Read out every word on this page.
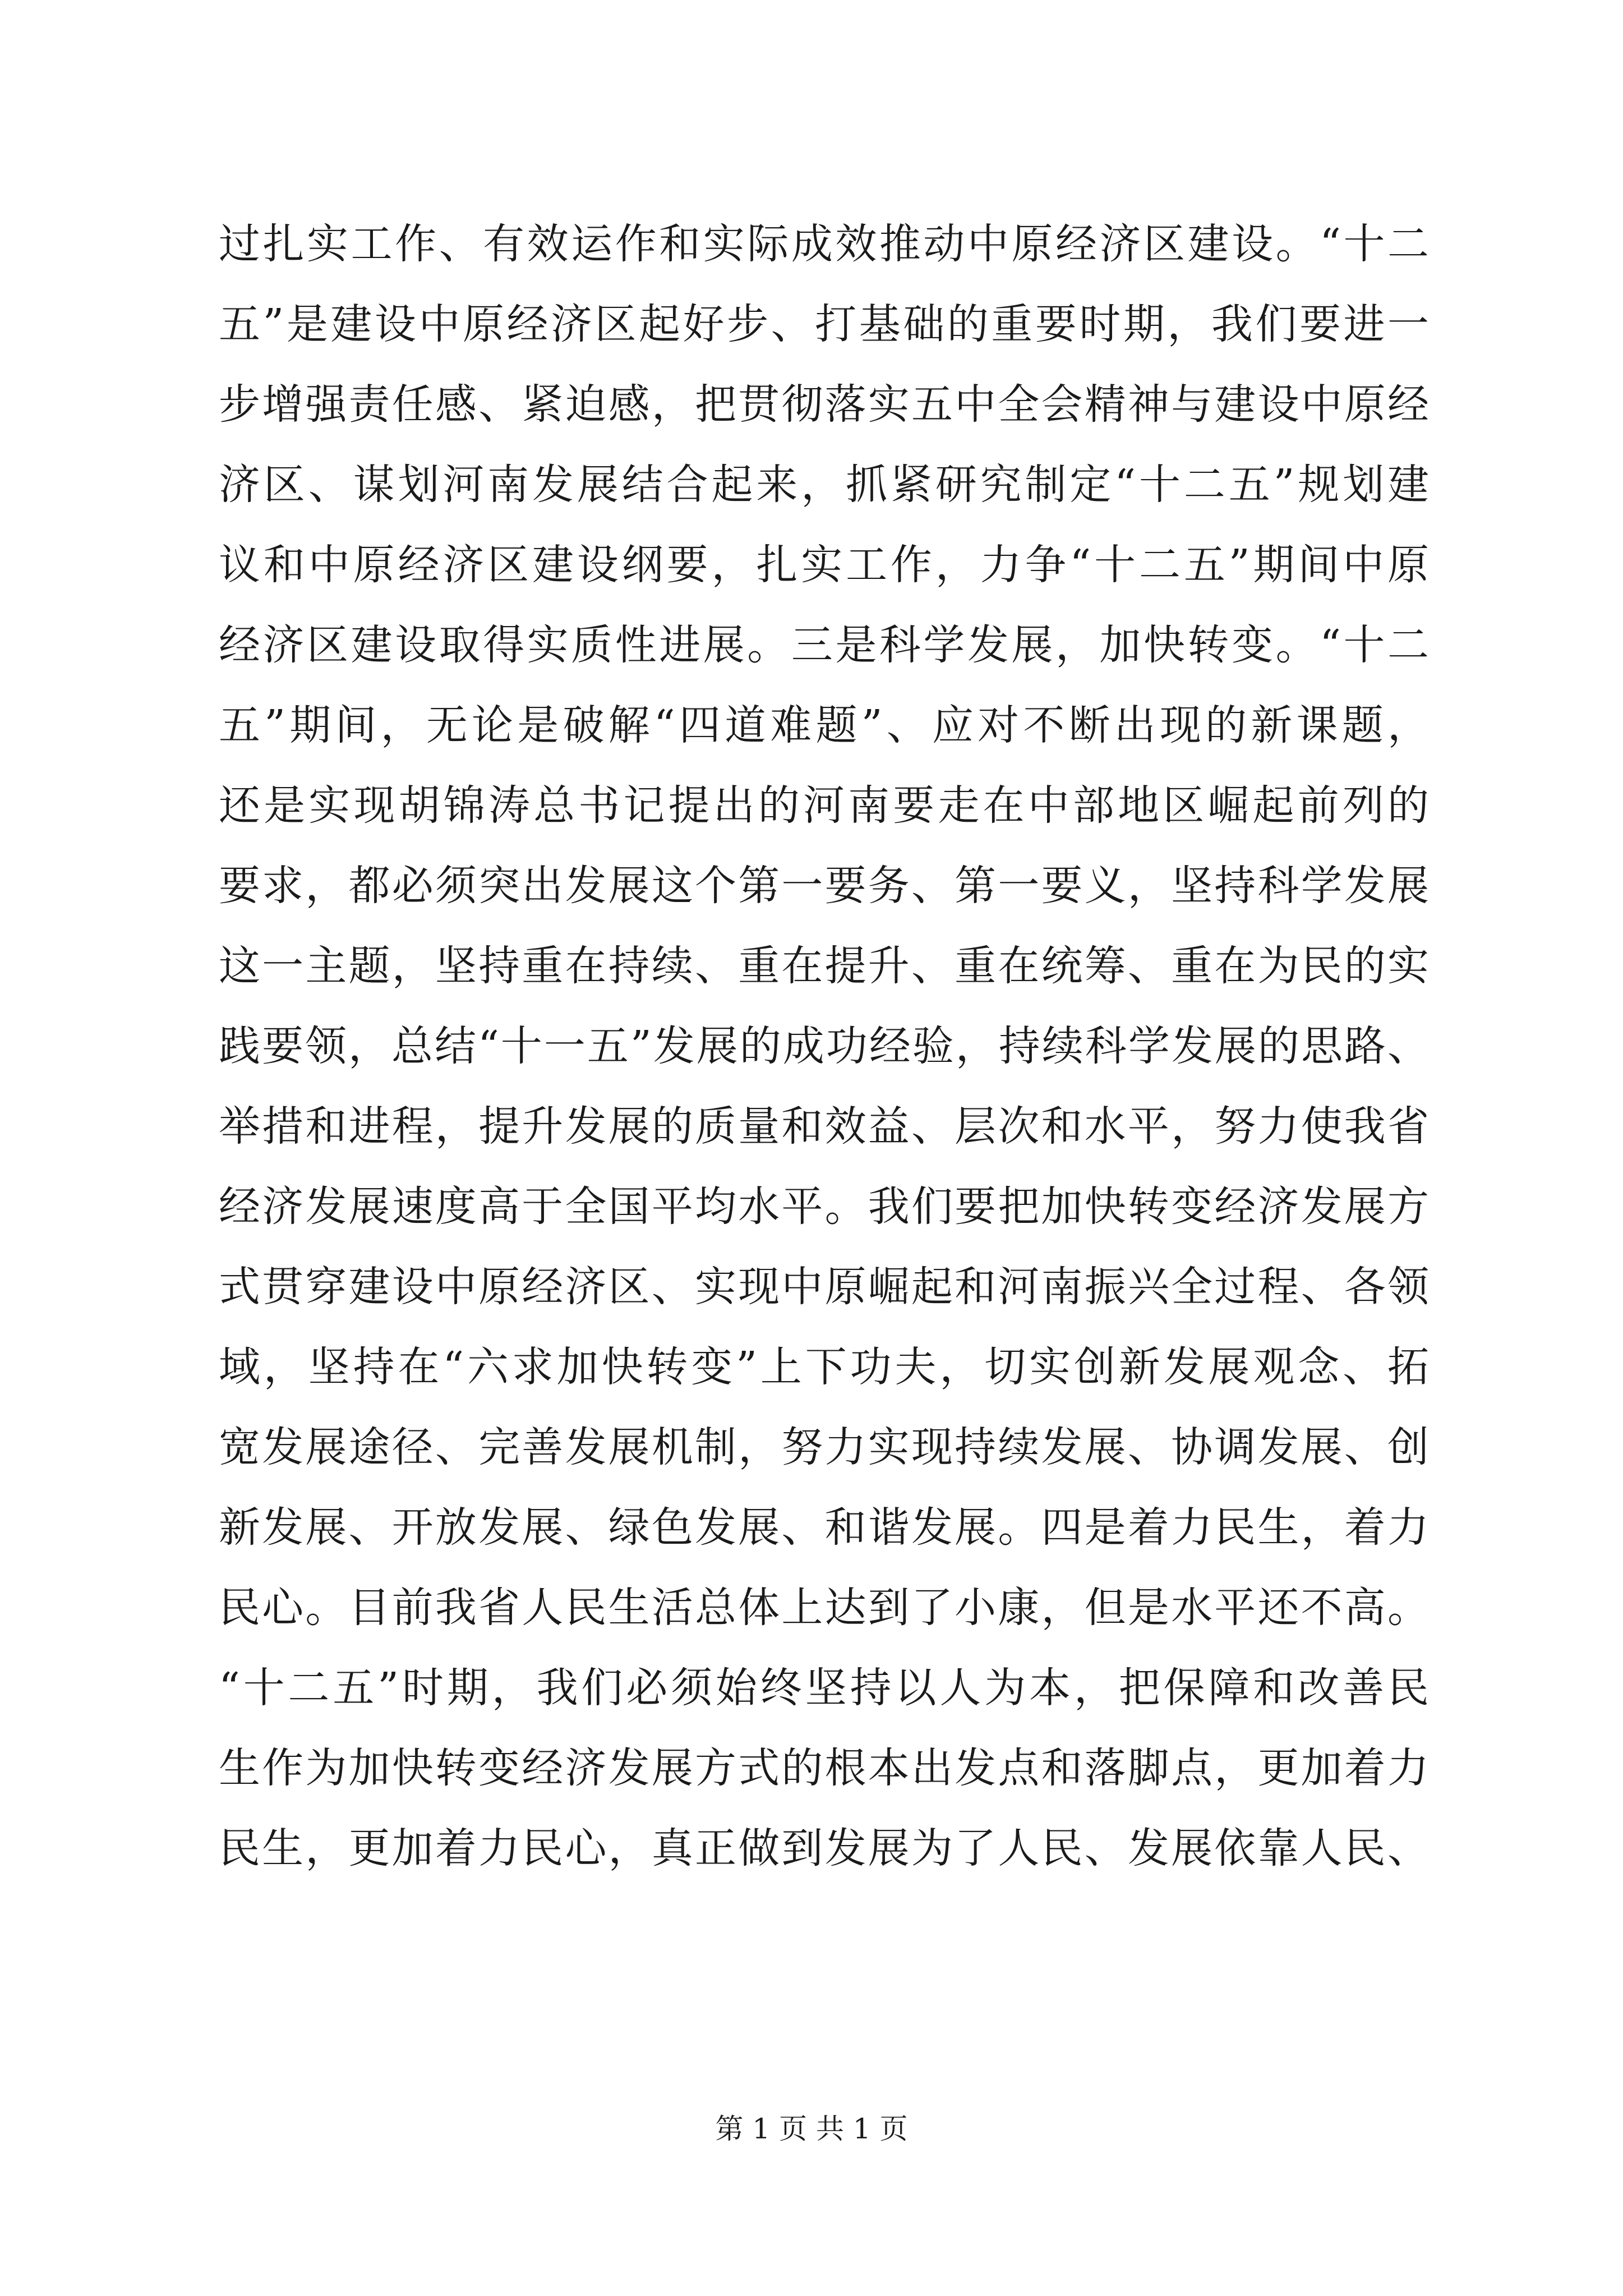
过扎实工作、有效运作和实际成效推动中原经济区建设。“十二
五”是建设中原经济区起好步、打基础的重要时期，我们要进一
步增强责任感、紧迫感，把贯彻落实五中全会精神与建设中原经
济区、谋划河南发展结合起来，抓紧研究制定“十二五”规划建
议和中原经济区建设纲要，扎实工作，力争“十二五”期间中原
经济区建设取得实质性进展。三是科学发展，加快转变。“十二
五”期间，无论是破解“四道难题”、应对不断出现的新课题，
还是实现胡锦涛总书记提出的河南要走在中部地区崛起前列的
要求，都必须突出发展这个第一要务、第一要义，坚持科学发展
这一主题，坚持重在持续、重在提升、重在统筹、重在为民的实
践要领，总结“十一五”发展的成功经验，持续科学发展的思路、
举措和进程，提升发展的质量和效益、层次和水平，努力使我省
经济发展速度高于全国平均水平。我们要把加快转变经济发展方
式贯穿建设中原经济区、实现中原崛起和河南振兴全过程、各领
域，坚持在“六求加快转变”上下功夫，切实创新发展观念、拓
宽发展途径、完善发展机制，努力实现持续发展、协调发展、创
新发展、开放发展、绿色发展、和谐发展。四是着力民生，着力
民心。目前我省人民生活总体上达到了小康，但是水平还不高。
“十二五”时期，我们必须始终坚持以人为本，把保障和改善民
生作为加快转变经济发展方式的根本出发点和落脚点，更加着力
民生，更加着力民心，真正做到发展为了人民、发展依靠人民、
第 1 页 共 1 页
